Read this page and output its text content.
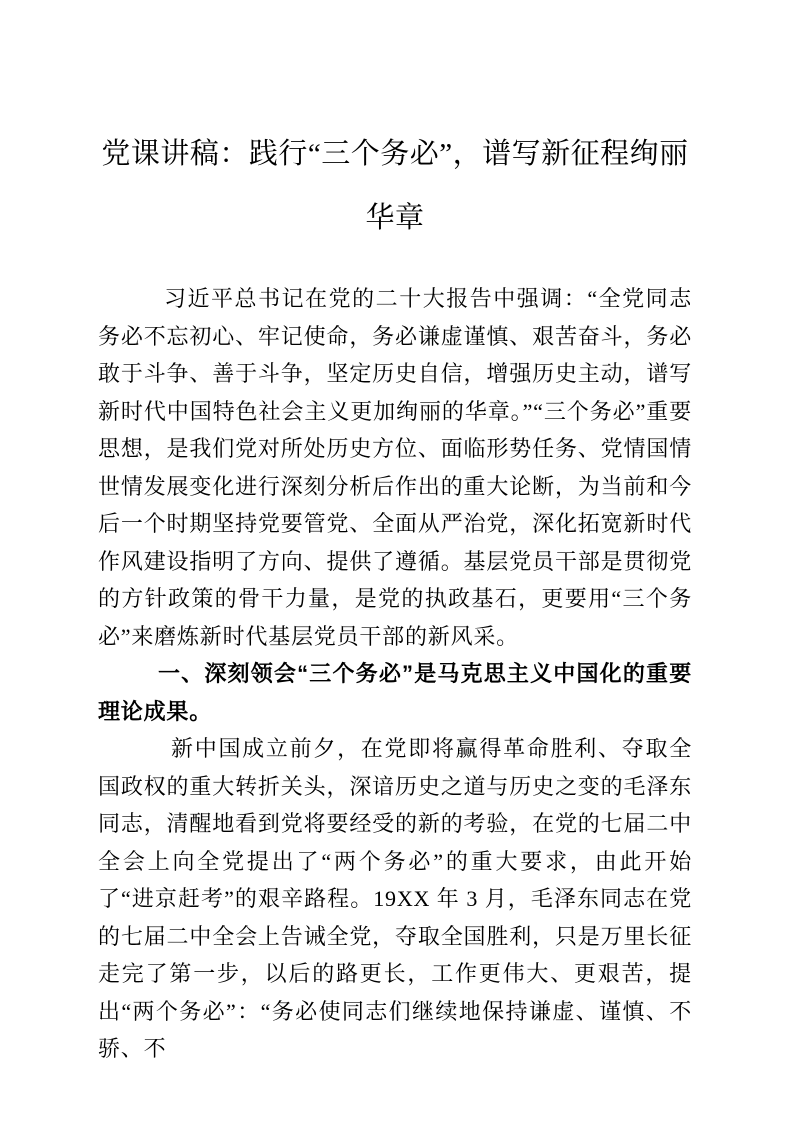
党课讲稿：践行“三个务必”，谱写新征程绚丽华章

习近平总书记在党的二十大报告中强调：“全党同志务必不忘初心、牢记使命，务必谦虚谨慎、艰苦奋斗，务必敢于斗争、善于斗争，坚定历史自信，增强历史主动，谱写新时代中国特色社会主义更加绚丽的华章。”“三个务必”重要思想，是我们党对所处历史方位、面临形势任务、党情国情世情发展变化进行深刻分析后作出的重大论断，为当前和今后一个时期坚持党要管党、全面从严治党，深化拓宽新时代作风建设指明了方向、提供了遵循。基层党员干部是贯彻党的方针政策的骨干力量，是党的执政基石，更要用“三个务必”来磨炼新时代基层党员干部的新风采。

一、深刻领会“三个务必”是马克思主义中国化的重要理论成果。

新中国成立前夕，在党即将赢得革命胜利、夺取全国政权的重大转折关头，深谙历史之道与历史之变的毛泽东同志，清醒地看到党将要经受的新的考验，在党的七届二中全会上向全党提出了“两个务必”的重大要求，由此开始了“进京赶考”的艰辛路程。19XX 年 3 月，毛泽东同志在党的七届二中全会上告诫全党，夺取全国胜利，只是万里长征走完了第一步，以后的路更长，工作更伟大、更艰苦，提出“两个务必”：“务必使同志们继续地保持谦虚、谨慎、不骄、不
